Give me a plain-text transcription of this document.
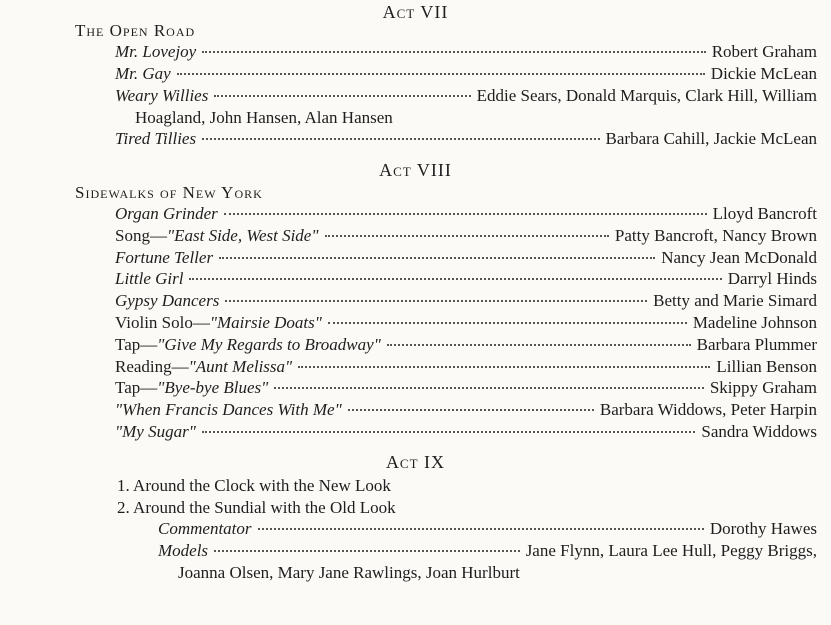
Act VII
The Open Road
Mr. Lovejoy	Robert Graham
Mr. Gay	Dickie McLean
Weary Willies	Eddie Sears, Donald Marquis, Clark Hill, William
Hoagland, John Hansen, Alan Hansen
Tired Tillies	Barbara Cahill, Jackie McLean
Act VIII
Sidewalks of New York
Organ Grinder	Lloyd Bancroft
Song—"East Side, West Side"	Patty Bancroft, Nancy Brown
Fortune Teller	Nancy Jean McDonald
Little Girl	Darryl Hinds
Gypsy Dancers	Betty and Marie Simard
Violin Solo—"Mairsie Doats"	Madeline Johnson
Tap—"Give My Regards to Broadway"	Barbara Plummer
Reading—"Aunt Melissa"	Lillian Benson
Tap—"Bye-bye Blues"	Skippy Graham
"When Francis Dances With Me"	Barbara Widdows, Peter Harpin
"My Sugar"	Sandra Widdows
Act IX
1. Around the Clock with the New Look
2. Around the Sundial with the Old Look
Commentator	Dorothy Hawes
Models	Jane Flynn, Laura Lee Hull, Peggy Briggs,
Joanna Olsen, Mary Jane Rawlings, Joan Hurlburt
